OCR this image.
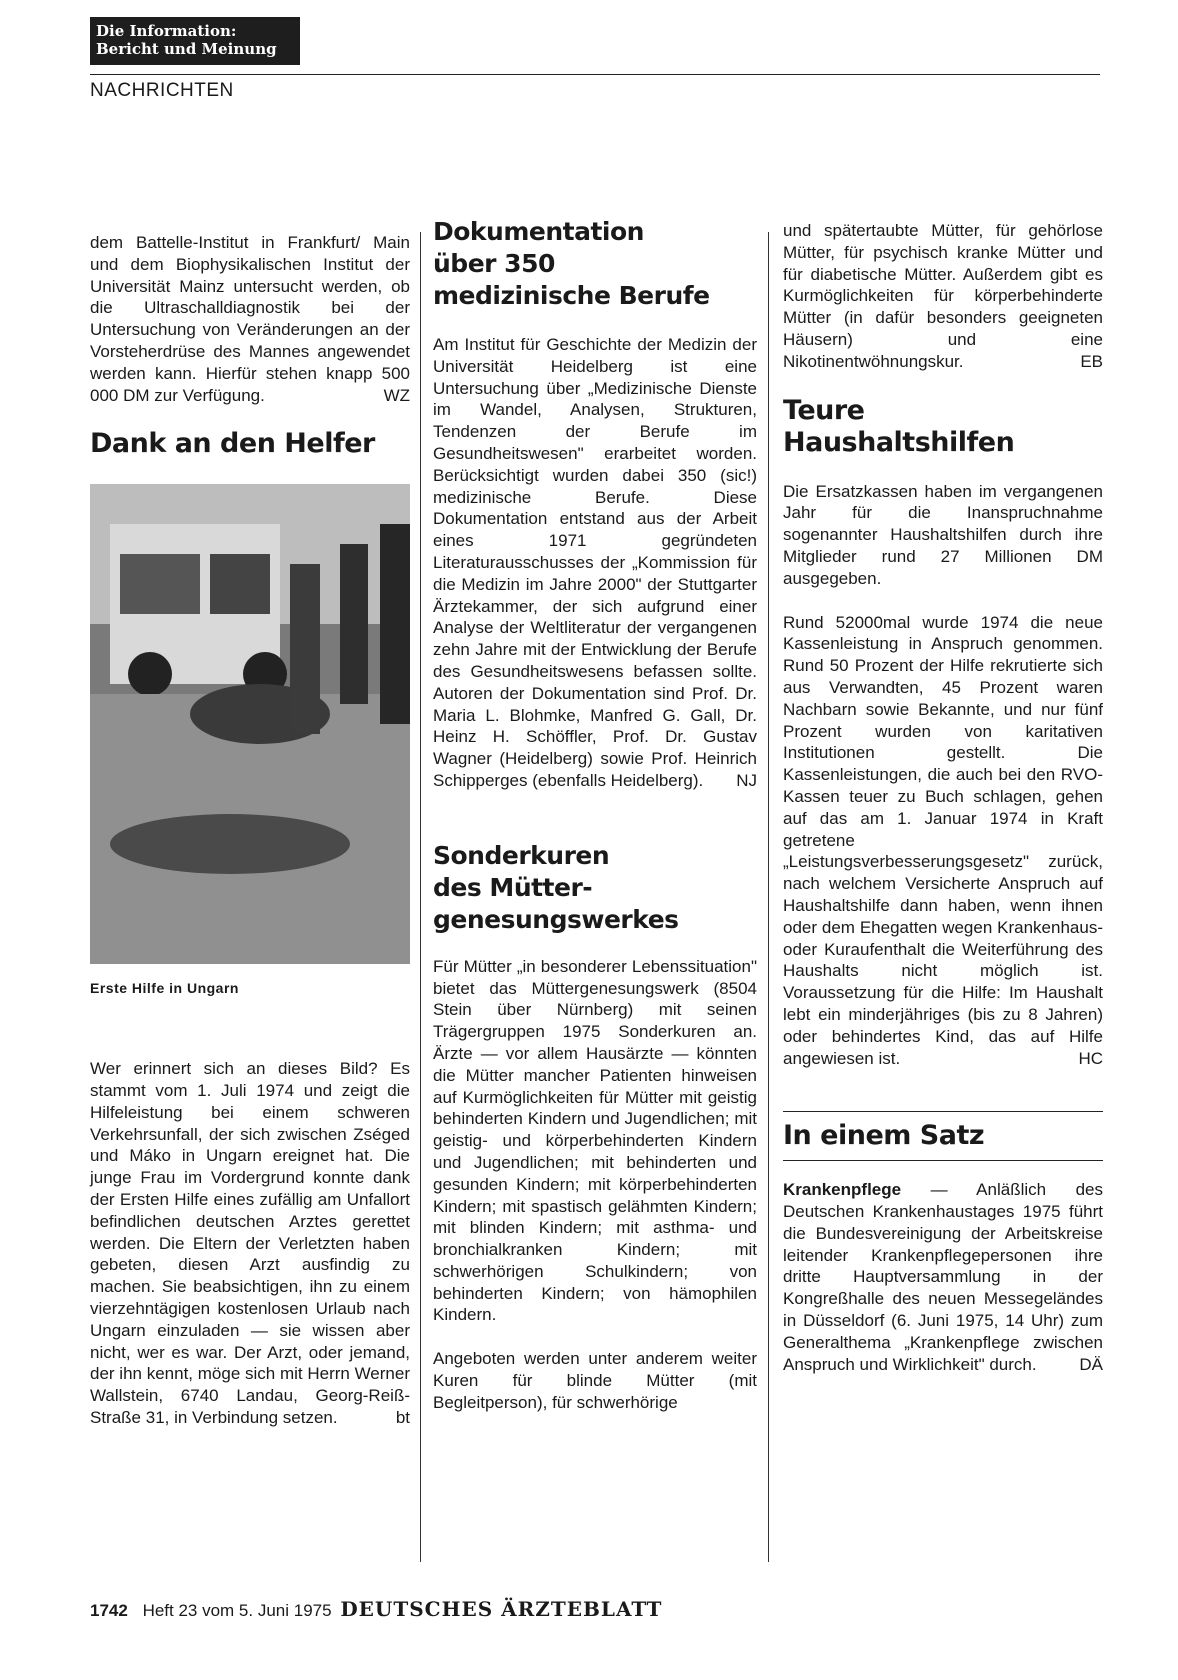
Die Information:
Bericht und Meinung
NACHRICHTEN

dem Battelle-Institut in Frankfurt/ Main und dem Biophysikalischen Institut der Universität Mainz untersucht werden, ob die Ultraschalldiagnostik bei der Untersuchung von Veränderungen an der Vorsteherdrüse des Mannes angewendet werden kann. Hierfür stehen knapp 500 000 DM zur Verfügung.	WZ

Dank an den Helfer
Erste Hilfe in Ungarn

Wer erinnert sich an dieses Bild? Es stammt vom 1. Juli 1974 und zeigt die Hilfeleistung bei einem schweren Verkehrsunfall, der sich zwischen Zséged und Máko in Ungarn ereignet hat. Die junge Frau im Vordergrund konnte dank der Ersten Hilfe eines zufällig am Unfallort befindlichen deutschen Arztes gerettet werden. Die Eltern der Verletzten haben gebeten, diesen Arzt ausfindig zu machen. Sie beabsichtigen, ihn zu einem vierzehntägigen kostenlosen Urlaub nach Ungarn einzuladen — sie wissen aber nicht, wer es war. Der Arzt, oder jemand, der ihn kennt, möge sich mit Herrn Werner Wallstein, 6740 Landau, Georg-Reiß-Straße 31, in Verbindung setzen.	bt

Dokumentation
über 350
medizinische Berufe

Am Institut für Geschichte der Medizin der Universität Heidelberg ist eine Untersuchung über „Medizinische Dienste im Wandel, Analysen, Strukturen, Tendenzen der Berufe im Gesundheitswesen" erarbeitet worden. Berücksichtigt wurden dabei 350 (sic!) medizinische Berufe. Diese Dokumentation entstand aus der Arbeit eines 1971 gegründeten Literaturausschusses der „Kommission für die Medizin im Jahre 2000" der Stuttgarter Ärztekammer, der sich aufgrund einer Analyse der Weltliteratur der vergangenen zehn Jahre mit der Entwicklung der Berufe des Gesundheitswesens befassen sollte. Autoren der Dokumentation sind Prof. Dr. Maria L. Blohmke, Manfred G. Gall, Dr. Heinz H. Schöffler, Prof. Dr. Gustav Wagner (Heidelberg) sowie Prof. Heinrich Schipperges (ebenfalls Heidelberg). NJ

Sonderkuren
des Mütter-
genesungswerkes

Für Mütter „in besonderer Lebenssituation" bietet das Müttergenesungswerk (8504 Stein über Nürnberg) mit seinen Trägergruppen 1975 Sonderkuren an. Ärzte — vor allem Hausärzte — könnten die Mütter mancher Patienten hinweisen auf Kurmöglichkeiten für Mütter mit geistig behinderten Kindern und Jugendlichen; mit geistig- und körperbehinderten Kindern und Jugendlichen; mit behinderten und gesunden Kindern; mit körperbehinderten Kindern; mit spastisch gelähmten Kindern; mit blinden Kindern; mit asthma- und bronchialkranken Kindern; mit schwerhörigen Schulkindern; von behinderten Kindern; von hämophilen Kindern.

Angeboten werden unter anderem weiter Kuren für blinde Mütter (mit Begleitperson), für schwerhörige

und spätertaubte Mütter, für gehörlose Mütter, für psychisch kranke Mütter und für diabetische Mütter. Außerdem gibt es Kurmöglichkeiten für körperbehinderte Mütter (in dafür besonders geeigneten Häusern) und eine Nikotinentwöhnungskur.	EB

Teure Haushaltshilfen

Die Ersatzkassen haben im vergangenen Jahr für die Inanspruchnahme sogenannter Haushaltshilfen durch ihre Mitglieder rund 27 Millionen DM ausgegeben.

Rund 52000mal wurde 1974 die neue Kassenleistung in Anspruch genommen. Rund 50 Prozent der Hilfe rekrutierte sich aus Verwandten, 45 Prozent waren Nachbarn sowie Bekannte, und nur fünf Prozent wurden von karitativen Institutionen gestellt. Die Kassenleistungen, die auch bei den RVO-Kassen teuer zu Buch schlagen, gehen auf das am 1. Januar 1974 in Kraft getretene „Leistungsverbesserungsgesetz" zurück, nach welchem Versicherte Anspruch auf Haushaltshilfe dann haben, wenn ihnen oder dem Ehegatten wegen Krankenhaus- oder Kuraufenthalt die Weiterführung des Haushalts nicht möglich ist. Voraussetzung für die Hilfe: Im Haushalt lebt ein minderjähriges (bis zu 8 Jahren) oder behindertes Kind, das auf Hilfe angewiesen ist.	HC

In einem Satz

Krankenpflege — Anläßlich des Deutschen Krankenhaustages 1975 führt die Bundesvereinigung der Arbeitskreise leitender Krankenpflegepersonen ihre dritte Hauptversammlung in der Kongreßhalle des neuen Messegeländes in Düsseldorf (6. Juni 1975, 14 Uhr) zum Generalthema „Krankenpflege zwischen Anspruch und Wirklichkeit" durch.	DÄ

1742 Heft 23 vom 5. Juni 1975 DEUTSCHES ÄRZTEBLATT
